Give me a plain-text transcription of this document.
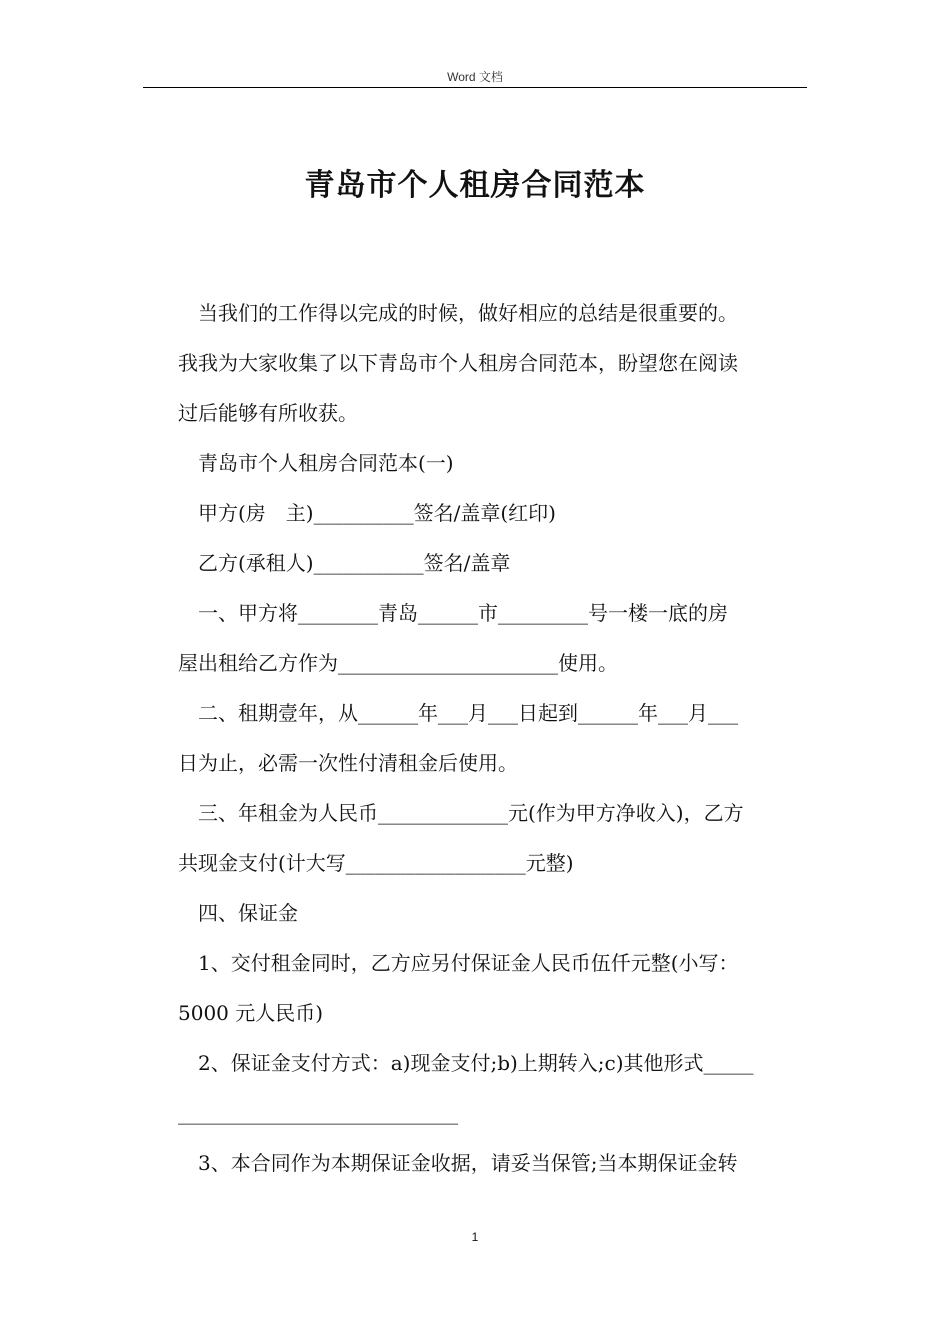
Word 文档
青岛市个人租房合同范本

当我们的工作得以完成的时候，做好相应的总结是很重要的。

我我为大家收集了以下青岛市个人租房合同范本，盼望您在阅读

过后能够有所收获。

青岛市个人租房合同范本(一)

甲方(房　主)__________签名/盖章(红印)

乙方(承租人)___________签名/盖章

一、甲方将________青岛______市_________号一楼一底的房

屋出租给乙方作为______________________使用。

二、租期壹年，从______年___月___日起到______年___月___

日为止，必需一次性付清租金后使用。

三、年租金为人民币_____________元(作为甲方净收入)，乙方

共现金支付(计大写__________________元整)

四、保证金

1、交付租金同时，乙方应另付保证金人民币伍仟元整(小写：

5000 元人民币)

2、保证金支付方式：a)现金支付;b)上期转入;c)其他形式_____

____________________________

3、本合同作为本期保证金收据，请妥当保管;当本期保证金转

1
